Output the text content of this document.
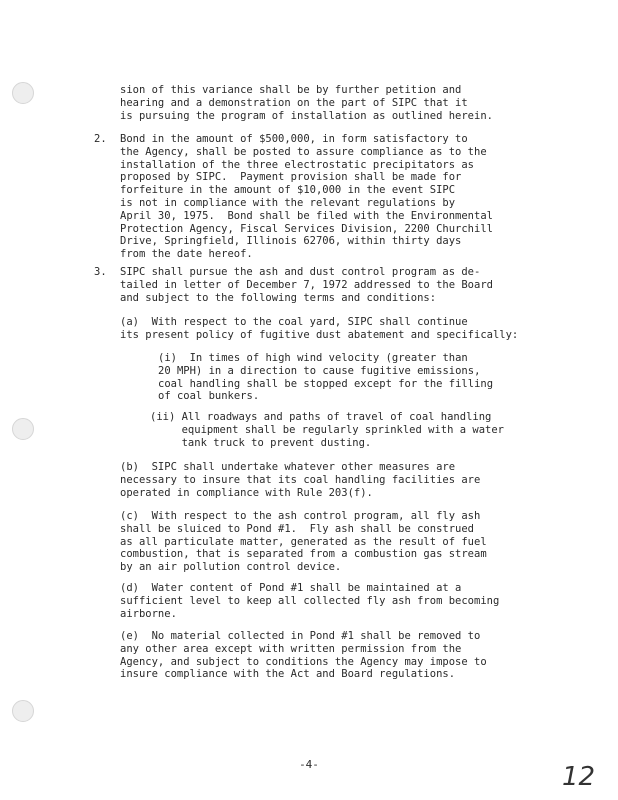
sion of this variance shall be by further petition and
hearing and a demonstration on the part of SIPC that it
is pursuing the program of installation as outlined herein.

2. Bond in the amount of $500,000, in form satisfactory to
the Agency, shall be posted to assure compliance as to the
installation of the three electrostatic precipitators as
proposed by SIPC.  Payment provision shall be made for
forfeiture in the amount of $10,000 in the event SIPC
is not in compliance with the relevant regulations by
April 30, 1975.  Bond shall be filed with the Environmental
Protection Agency, Fiscal Services Division, 2200 Churchill
Drive, Springfield, Illinois 62706, within thirty days
from the date hereof.

3. SIPC shall pursue the ash and dust control program as de-
tailed in letter of December 7, 1972 addressed to the Board
and subject to the following terms and conditions:

(a)  With respect to the coal yard, SIPC shall continue
its present policy of fugitive dust abatement and specifically:

(i)  In times of high wind velocity (greater than
20 MPH) in a direction to cause fugitive emissions,
coal handling shall be stopped except for the filling
of coal bunkers.

(ii) All roadways and paths of travel of coal handling
equipment shall be regularly sprinkled with a water
tank truck to prevent dusting.

(b)  SIPC shall undertake whatever other measures are
necessary to insure that its coal handling facilities are
operated in compliance with Rule 203(f).

(c)  With respect to the ash control program, all fly ash
shall be sluiced to Pond #1.  Fly ash shall be construed
as all particulate matter, generated as the result of fuel
combustion, that is separated from a combustion gas stream
by an air pollution control device.

(d)  Water content of Pond #1 shall be maintained at a
sufficient level to keep all collected fly ash from becoming
airborne.

(e)  No material collected in Pond #1 shall be removed to
any other area except with written permission from the
Agency, and subject to conditions the Agency may impose to
insure compliance with the Act and Board regulations.

-4-	12
